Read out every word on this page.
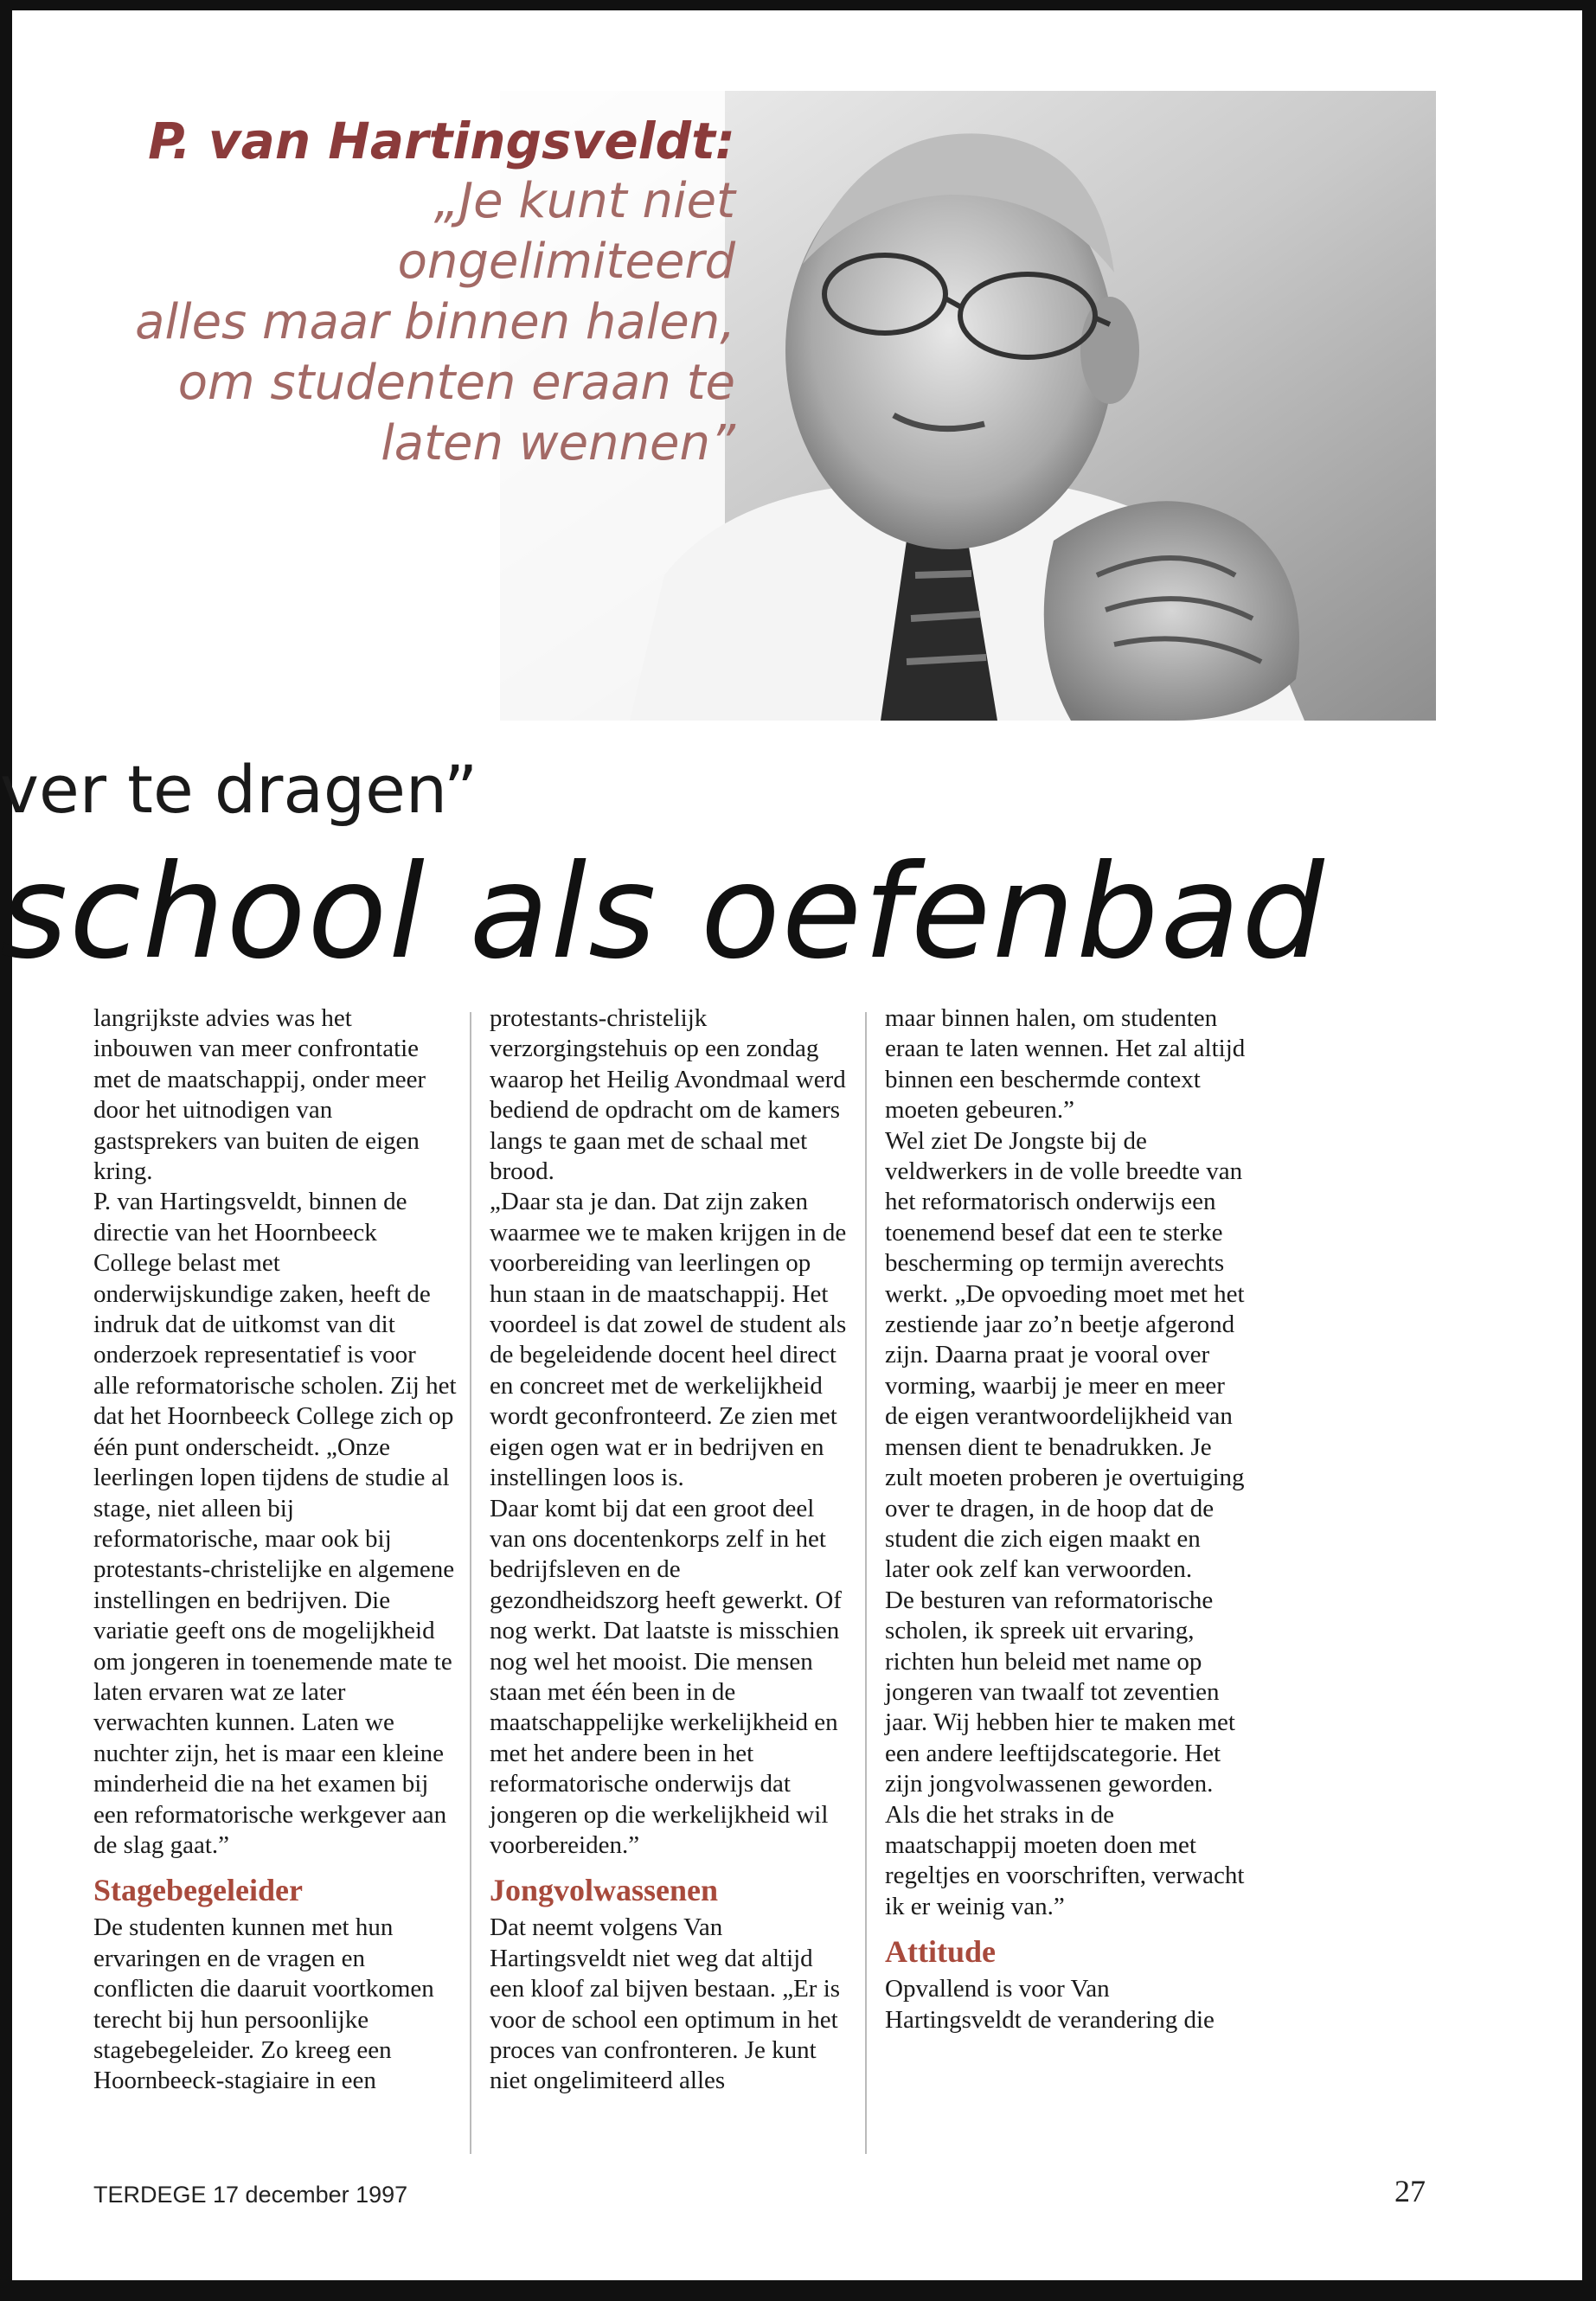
P. van Hartingsveldt:
„Je kunt niet ongelimiteerd
alles maar binnen halen,
om studenten eraan te
laten wennen”
ver te dragen”
school als oefenbad

langrijkste advies was het inbouwen van meer confrontatie met de maatschappij, onder meer door het uitnodigen van gastsprekers van buiten de eigen kring.

P. van Hartingsveldt, binnen de directie van het Hoornbeeck College belast met onderwijskundige zaken, heeft de indruk dat de uitkomst van dit onderzoek representatief is voor alle reformatorische scholen. Zij het dat het Hoornbeeck College zich op één punt onderscheidt. „Onze leerlingen lopen tijdens de studie al stage, niet alleen bij reformatorische, maar ook bij protestants-christelijke en algemene instellingen en bedrijven. Die variatie geeft ons de mogelijkheid om jongeren in toenemende mate te laten ervaren wat ze later verwachten kunnen. Laten we nuchter zijn, het is maar een kleine minderheid die na het examen bij een reformatorische werkgever aan de slag gaat.”

Stagebegeleider

De studenten kunnen met hun ervaringen en de vragen en conflicten die daaruit voortkomen terecht bij hun persoonlijke stagebegeleider. Zo kreeg een Hoornbeeck-stagiaire in een

protestants-christelijk verzorgingstehuis op een zondag waarop het Heilig Avondmaal werd bediend de opdracht om de kamers langs te gaan met de schaal met brood.

„Daar sta je dan. Dat zijn zaken waarmee we te maken krijgen in de voorbereiding van leerlingen op hun staan in de maatschappij. Het voordeel is dat zowel de student als de begeleidende docent heel direct en concreet met de werkelijkheid wordt geconfronteerd. Ze zien met eigen ogen wat er in bedrijven en instellingen loos is.

Daar komt bij dat een groot deel van ons docentenkorps zelf in het bedrijfsleven en de gezondheidszorg heeft gewerkt. Of nog werkt. Dat laatste is misschien nog wel het mooist. Die mensen staan met één been in de maatschappelijke werkelijkheid en met het andere been in het reformatorische onderwijs dat jongeren op die werkelijkheid wil voorbereiden.”

Jongvolwassenen

Dat neemt volgens Van Hartingsveldt niet weg dat altijd een kloof zal bijven bestaan. „Er is voor de school een optimum in het proces van confronteren. Je kunt niet ongelimiteerd alles

maar binnen halen, om studenten eraan te laten wennen. Het zal altijd binnen een beschermde context moeten gebeuren.”

Wel ziet De Jongste bij de veldwerkers in de volle breedte van het reformatorisch onderwijs een toenemend besef dat een te sterke bescherming op termijn averechts werkt. „De opvoeding moet met het zestiende jaar zo’n beetje afgerond zijn. Daarna praat je vooral over vorming, waarbij je meer en meer de eigen verantwoordelijkheid van mensen dient te benadrukken. Je zult moeten proberen je overtuiging over te dragen, in de hoop dat de student die zich eigen maakt en later ook zelf kan verwoorden.

De besturen van reformatorische scholen, ik spreek uit ervaring, richten hun beleid met name op jongeren van twaalf tot zeventien jaar. Wij hebben hier te maken met een andere leeftijdscategorie. Het zijn jongvolwassenen geworden. Als die het straks in de maatschappij moeten doen met regeltjes en voorschriften, verwacht ik er weinig van.”

Attitude

Opvallend is voor Van Hartingsveldt de verandering die

TERDEGE 17 december 1997	27
